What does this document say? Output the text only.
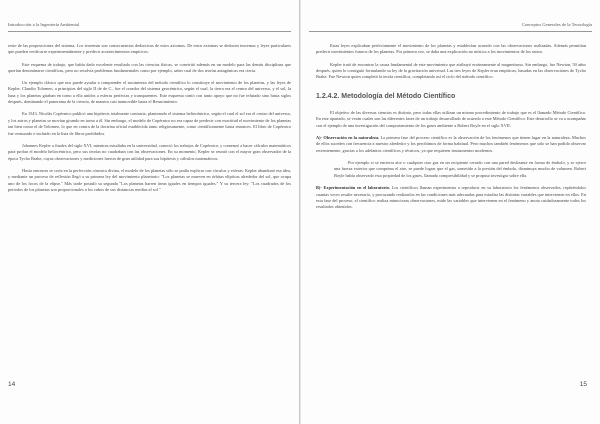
Introducción a la Ingeniería Ambiental

resto de las proposiciones del sistema. Los teoremas son consecuencias deductivas de estos axiomas. De estos axiomas se deducen teoremas y leyes particulares que pueden verificarse experimentalmente y predecir acontecimientos empíricos.

Este esquema de trabajo, que había dado excelente resultado con las ciencias físicas, se convirtió además en un modelo para las demás disciplinas que querían denominarse científicas, pero no resolvía problemas fundamentales como por ejemplo, saber cual de dos teorías antagónicas era cierta.

Un ejemplo clásico que nos puede ayudar a comprender el nacimiento del método científico lo constituye el movimiento de los planetas, y las leyes de Kepler. Claudio Tolomeo, a principios del siglo II de de C., fue el creador del sistema geocéntrico, según el cual, la tierra era el centro del universo, y el sol, la luna y los planetas giraban en torno a ella unidos a esferas perfectas y transparentes. Este esquema contó con tanto apoyo que no fue refutado sino hasta siglos después, dominando el panorama de la ciencia, de manera casi inamovible hasta el Renacimiento.

En 1543, Nicolás Copérnico publicó una hipótesis totalmente contraria, planteando el sistema heliocéntrico, según el cual el sol era el centro del universo, y los astros y planetas se movían girando en torno a él. Sin embargo, el modelo de Copérnico no era capaz de predecir con exactitud el movimiento de los planetas tan bien como el de Tolomeo, lo que en contra de la doctrina oficial establecida tanto religiosamente, como científicamente hasta entonces. El libro de Copérnico fue censurado e incluido en la lista de libros prohibidos.

Johannes Kepler a finales del siglo XVI, mientras estudiaba en la universidad, conoció los trabajos de Copérnico, y comenzó a hacer cálculos matemáticos para probar el modelo heliocéntrico, pero sus teorías no cuadraban con las observaciones. En su momento, Kepler se reunió con el mayor gran observador de la época Tycho Brahe, cuyas observaciones y mediciones fueron de gran utilidad para sus hipótesis y cálculos matemáticos.

Hasta entonces se creía en la perfección cósmica divina, el modelo de los planetas sólo se podía explicar con círculos y esferas. Kepler abandonó esa idea, y mediante un proceso de reflexión llegó a su primera ley del movimiento planetario: "Los planetas se mueven en órbitas elípticas alrededor del sol, que ocupa uno de los focos de la elipse." Más tarde postuló su segunda "Los planetas barren áreas iguales en tiempos iguales." Y su tercera ley: "Los cuadrados de los periodos de los planetas son proporcionales a los cubos de sus distancias medias al sol."

14
Conceptos Generales de la Tecnología

Estas leyes explicaban perfectamente el movimiento de los planetas y establecían acuerdo con las observaciones realizadas. Además permitían predecir movimientos futuros de los planetas. Por primera vez, se daba una explicación no mística a los movimientos de los astros.

Kepler trató de encontrar la causa fundamental de este movimiento que atribuyó erróneamente al magnetismo. Sin embargo, fue Newton, 50 años después, quien lo consiguió formulando su ley de la gravitación universal. Las tres leyes de Kepler eran empíricas, basadas en las observaciones de Tycho Brahe. Fue Newton quien completó la teoría científica, completando así el ciclo del método científico.

1.2.4.2. Metodología del Método Científico

El objetivo de las diversas ciencias es distinto, pero todas ellas utilizan un mismo procedimiento de trabajo que es el llamado Método Científico. En este apartado, se verán cuales son las diferentes fases de un trabajo desarrollado de acuerdo a este Método Científico. Este desarrollo se va a acompañar con el ejemplo de una investigación del comportamiento de los gases ambiente a Robert Boyle en el siglo XVII.

A)- Observación en la naturaleza. La primera fase del proceso científico es la observación de los fenómenos que tienen lugar en la naturaleza. Muchos de ellos suceden con frecuencia a nuestro alrededor y los percibimos de forma habitual. Pero muchos también fenómenos que sólo se han podido observar recientemente, gracias a los adelantos científicos y técnicos, ya que requieren instrumentos modernos.

Por ejemplo si se encierra aire o cualquier otro gas en un recipiente cerrado con una pared deslizante en forma de émbolo, y se ejerce una fuerza exterior que comprima el aire, se puede lograr que el gas, sometido a la presión del émbolo, disminuya mucho de volumen. Robert Boyle había observado esta propiedad de los gases, llamada compresibilidad y se propuso investigar sobre ella.

B)- Experimentación en el laboratorio. Los científicos llaman experimentar a reproducir en su laboratorio los fenómenos observados, repitiéndolos cuantas veces resulte necesario, y procurando realizarlos en las condiciones más adecuadas para estudiar las distintas variables que intervienen en ellos. En esta fase del proceso, el científico realiza minuciosas observaciones, mide las variables que intervienen en el fenómeno y anota cuidadosamente todos los resultados obtenidos.

15
